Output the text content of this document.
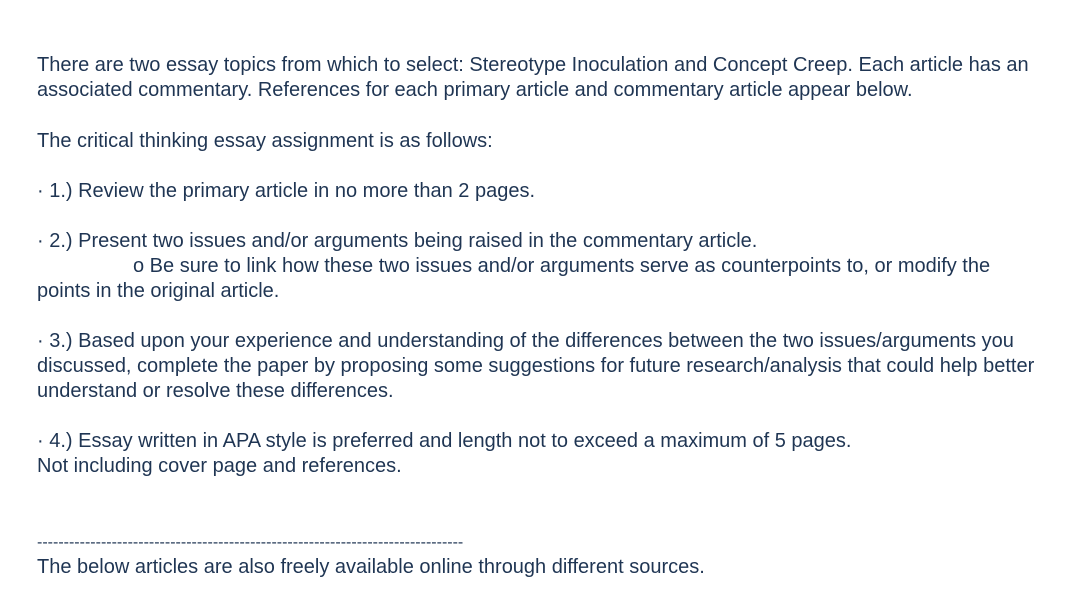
There are two essay topics from which to select: Stereotype Inoculation and Concept Creep. Each article has an associated commentary. References for each primary article and commentary article appear below.

The critical thinking essay assignment is as follows:

· 1.) Review the primary article in no more than 2 pages.

· 2.) Present two issues and/or arguments being raised in the commentary article.

o Be sure to link how these two issues and/or arguments serve as counterpoints to, or modify the points in the original article.

· 3.) Based upon your experience and understanding of the differences between the two issues/arguments you discussed, complete the paper by proposing some suggestions for future research/analysis that could help better understand or resolve these differences.

· 4.) Essay written in APA style is preferred and length not to exceed a maximum of 5 pages.

Not including cover page and references.

--------------------------------------------------------------------------------

The below articles are also freely available online through different sources.
